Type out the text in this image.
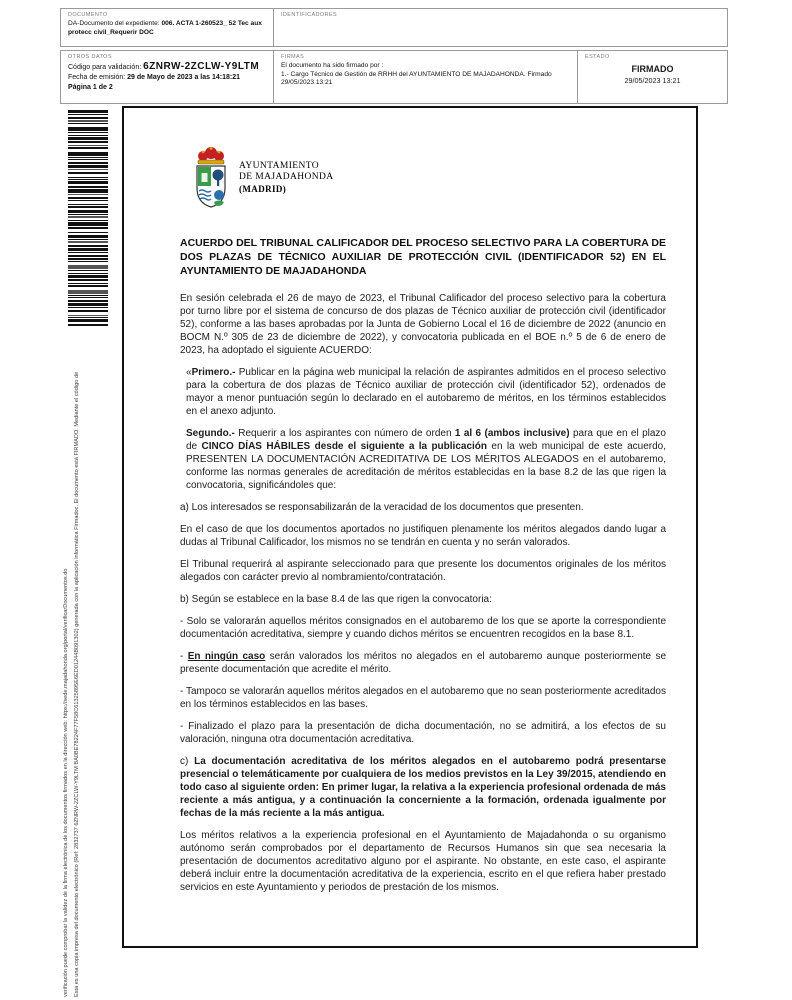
DOCUMENTO
DA-Documento del expediente: 006. ACTA 1-260523_ 52 Tec aux protecc civil_Requerir DOC
IDENTIFICADORES
OTROS DATOS
Código para validación: 6ZNRW-2ZCLW-Y9LTM
Fecha de emisión: 29 de Mayo de 2023 a las 14:18:21
Página 1 de 2
FIRMAS
El documento ha sido firmado por :
1.- Cargo Técnico de Gestión de RRHH del AYUNTAMIENTO DE MAJADAHONDA. Firmado 29/05/2023 13:21
ESTADO
FIRMADO
29/05/2023 13:21
Esta es una copia impresa del documento electrónico (Ref: 2832737 6ZNRW-2ZCLW-Y9LTM BA0BE78224F77F58C61325895E6ED01244B091302) generada con la aplicación informática Firmadoc. El documento está FIRMADO. Mediante el código de
verificación puede comprobar la validez de la firma electrónica de los documentos firmados en la dirección web: https://sede.majadahonda.org/portal/verificarDocumentos.do
AYUNTAMIENTO
DE MAJADAHONDA
(MADRID)
ACUERDO DEL TRIBUNAL CALIFICADOR DEL PROCESO SELECTIVO PARA LA COBERTURA DE DOS PLAZAS DE TÉCNICO AUXILIAR DE PROTECCIÓN CIVIL (IDENTIFICADOR 52) EN EL AYUNTAMIENTO DE MAJADAHONDA

En sesión celebrada el 26 de mayo de 2023, el Tribunal Calificador del proceso selectivo para la cobertura por turno libre por el sistema de concurso de dos plazas de Técnico auxiliar de protección civil (identificador 52), conforme a las bases aprobadas por la Junta de Gobierno Local el 16 de diciembre de 2022 (anuncio en BOCM N.º 305 de 23 de diciembre de 2022), y convocatoria publicada en el BOE n.º 5 de 6 de enero de 2023, ha adoptado el siguiente ACUERDO:

«Primero.- Publicar en la página web municipal la relación de aspirantes admitidos en el proceso selectivo para la cobertura de dos plazas de Técnico auxiliar de protección civil (identificador 52), ordenados de mayor a menor puntuación según lo declarado en el autobaremo de méritos, en los términos establecidos en el anexo adjunto.

Segundo.- Requerir a los aspirantes con número de orden 1 al 6 (ambos inclusive) para que en el plazo de CINCO DÍAS HÁBILES desde el siguiente a la publicación en la web municipal de este acuerdo, PRESENTEN LA DOCUMENTACIÓN ACREDITATIVA DE LOS MÉRITOS ALEGADOS en el autobaremo, conforme las normas generales de acreditación de méritos establecidas en la base 8.2 de las que rigen la convocatoria, significándoles que:

a) Los interesados se responsabilizarán de la veracidad de los documentos que presenten.

En el caso de que los documentos aportados no justifiquen plenamente los méritos alegados dando lugar a dudas al Tribunal Calificador, los mismos no se tendrán en cuenta y no serán valorados.

El Tribunal requerirá al aspirante seleccionado para que presente los documentos originales de los méritos alegados con carácter previo al nombramiento/contratación.

b) Según se establece en la base 8.4 de las que rigen la convocatoria:

- Solo se valorarán aquellos méritos consignados en el autobaremo de los que se aporte la correspondiente documentación acreditativa, siempre y cuando dichos méritos se encuentren recogidos en la base 8.1.

- En ningún caso serán valorados los méritos no alegados en el autobaremo aunque posteriormente se presente documentación que acredite el mérito.

- Tampoco se valorarán aquellos méritos alegados en el autobaremo que no sean posteriormente acreditados en los términos establecidos en las bases.

- Finalizado el plazo para la presentación de dicha documentación, no se admitirá, a los efectos de su valoración, ninguna otra documentación acreditativa.

c) La documentación acreditativa de los méritos alegados en el autobaremo podrá presentarse presencial o telemáticamente por cualquiera de los medios previstos en la Ley 39/2015, atendiendo en todo caso al siguiente orden: En primer lugar, la relativa a la experiencia profesional ordenada de más reciente a más antigua, y a continuación la concerniente a la formación, ordenada igualmente por fechas de la más reciente a la más antigua.

Los méritos relativos a la experiencia profesional en el Ayuntamiento de Majadahonda o su organismo autónomo serán comprobados por el departamento de Recursos Humanos sin que sea necesaria la presentación de documentos acreditativo alguno por el aspirante. No obstante, en este caso, el aspirante deberá incluir entre la documentación acreditativa de la experiencia, escrito en el que refiera haber prestado servicios en este Ayuntamiento y periodos de prestación de los mismos.
